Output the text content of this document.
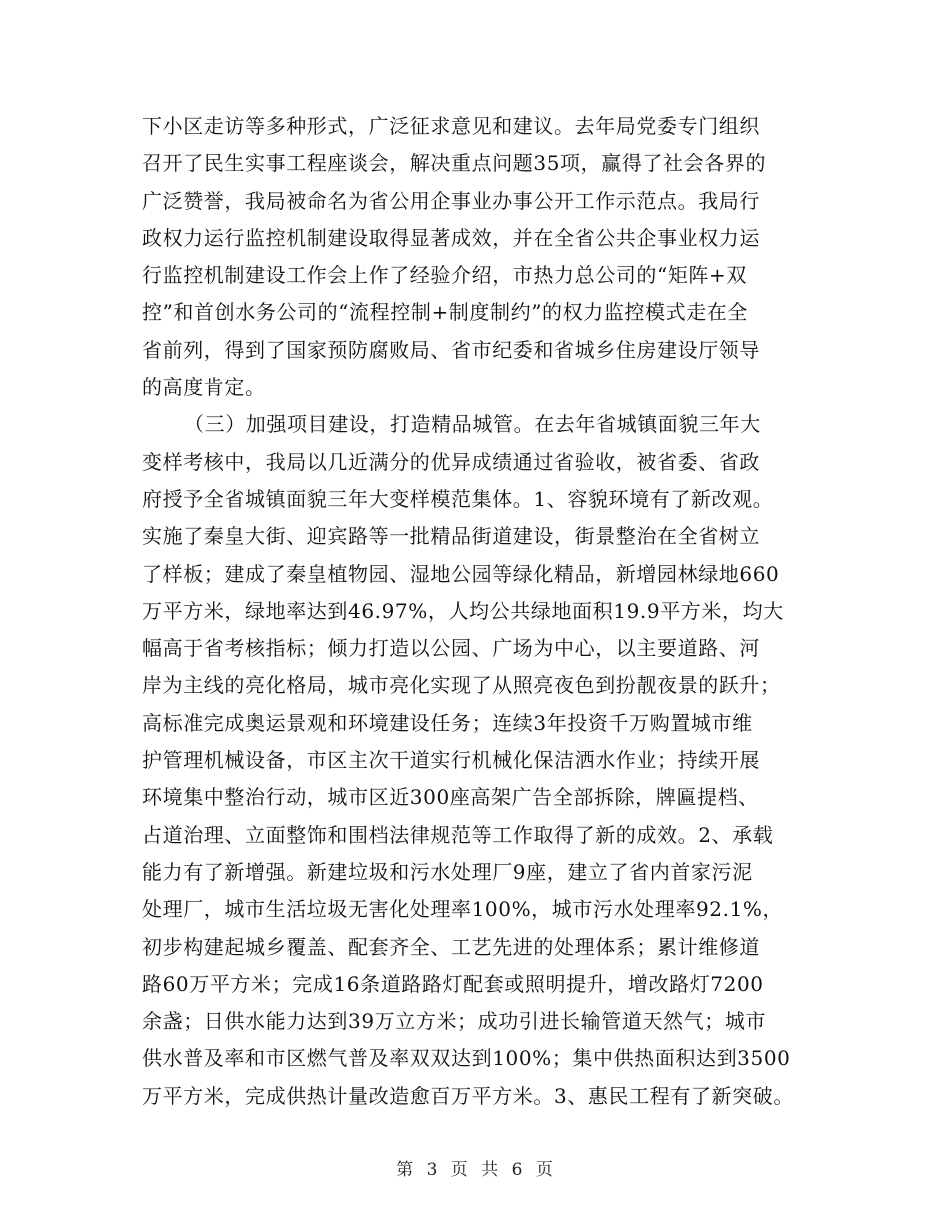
下小区走访等多种形式，广泛征求意见和建议。去年局党委专门组织
召开了民生实事工程座谈会，解决重点问题35项，赢得了社会各界的
广泛赞誉，我局被命名为省公用企事业办事公开工作示范点。我局行
政权力运行监控机制建设取得显著成效，并在全省公共企事业权力运
行监控机制建设工作会上作了经验介绍，市热力总公司的“矩阵+双
控”和首创水务公司的“流程控制+制度制约”的权力监控模式走在全
省前列，得到了国家预防腐败局、省市纪委和省城乡住房建设厅领导
的高度肯定。
（三）加强项目建设，打造精品城管。在去年省城镇面貌三年大
变样考核中，我局以几近满分的优异成绩通过省验收，被省委、省政
府授予全省城镇面貌三年大变样模范集体。1、容貌环境有了新改观。
实施了秦皇大街、迎宾路等一批精品街道建设，街景整治在全省树立
了样板；建成了秦皇植物园、湿地公园等绿化精品，新增园林绿地660
万平方米，绿地率达到46.97%，人均公共绿地面积19.9平方米，均大
幅高于省考核指标；倾力打造以公园、广场为中心，以主要道路、河
岸为主线的亮化格局，城市亮化实现了从照亮夜色到扮靓夜景的跃升；
高标准完成奥运景观和环境建设任务；连续3年投资千万购置城市维
护管理机械设备，市区主次干道实行机械化保洁洒水作业；持续开展
环境集中整治行动，城市区近300座高架广告全部拆除，牌匾提档、
占道治理、立面整饰和围档法律规范等工作取得了新的成效。2、承载
能力有了新增强。新建垃圾和污水处理厂9座，建立了省内首家污泥
处理厂，城市生活垃圾无害化处理率100%，城市污水处理率92.1%，
初步构建起城乡覆盖、配套齐全、工艺先进的处理体系；累计维修道
路60万平方米；完成16条道路路灯配套或照明提升，增改路灯7200
余盏；日供水能力达到39万立方米；成功引进长输管道天然气；城市
供水普及率和市区燃气普及率双双达到100%；集中供热面积达到3500
万平方米，完成供热计量改造愈百万平方米。3、惠民工程有了新突破。
第 3 页 共 6 页
